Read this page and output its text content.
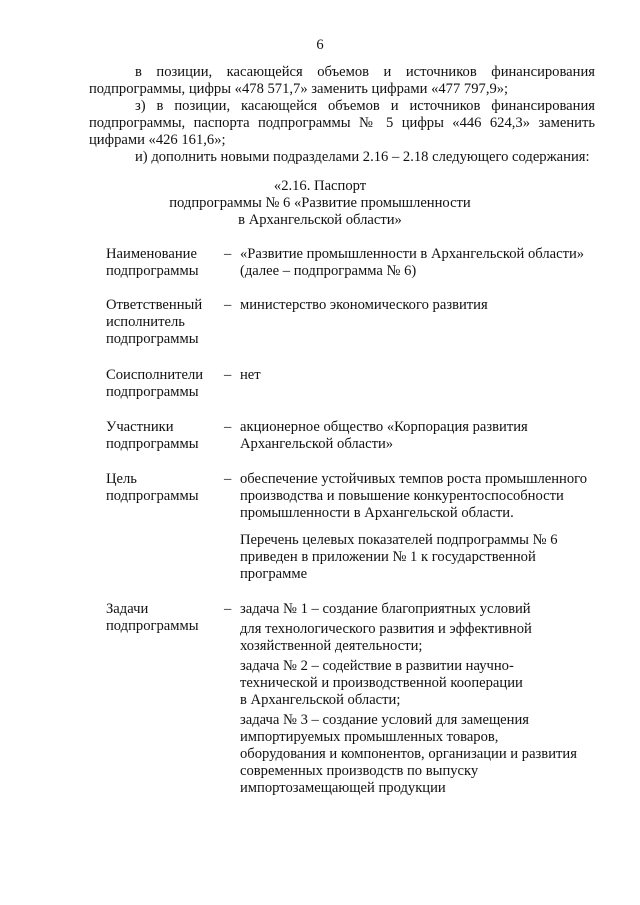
6
в позиции, касающейся объемов и источников финансирования
подпрограммы, цифры «478 571,7» заменить цифрами «477 797,9»;
з) в позиции, касающейся объемов и источников финансирования
подпрограммы, паспорта подпрограммы № 5 цифры «446 624,3» заменить
цифрами «426 161,6»;
и) дополнить новыми подразделами 2.16 – 2.18 следующего содержания:
«2.16. Паспорт
подпрограммы № 6 «Развитие промышленности
в Архангельской области»
Наименование
подпрограммы
– «Развитие промышленности в Архангельской области»

(далее – подпрограмма № 6)

Ответственный
исполнитель
подпрограммы
– министерство экономического развития

Соисполнители
подпрограммы
– нет

Участники
подпрограммы
– акционерное общество «Корпорация развития

Архангельской области»

Цель
подпрограммы
– обеспечение устойчивых темпов роста промышленного

производства и повышение конкурентоспособности

промышленности в Архангельской области.

Перечень целевых показателей подпрограммы № 6

приведен в приложении № 1 к государственной

программе

Задачи
подпрограммы
– задача № 1 – создание благоприятных условий

для технологического развития и эффективной

хозяйственной деятельности;

задача № 2 – содействие в развитии научно-

технической и производственной кооперации

в Архангельской области;

задача № 3 – создание условий для замещения

импортируемых промышленных товаров,

оборудования и компонентов, организации и развития

современных производств по выпуску

импортозамещающей продукции
